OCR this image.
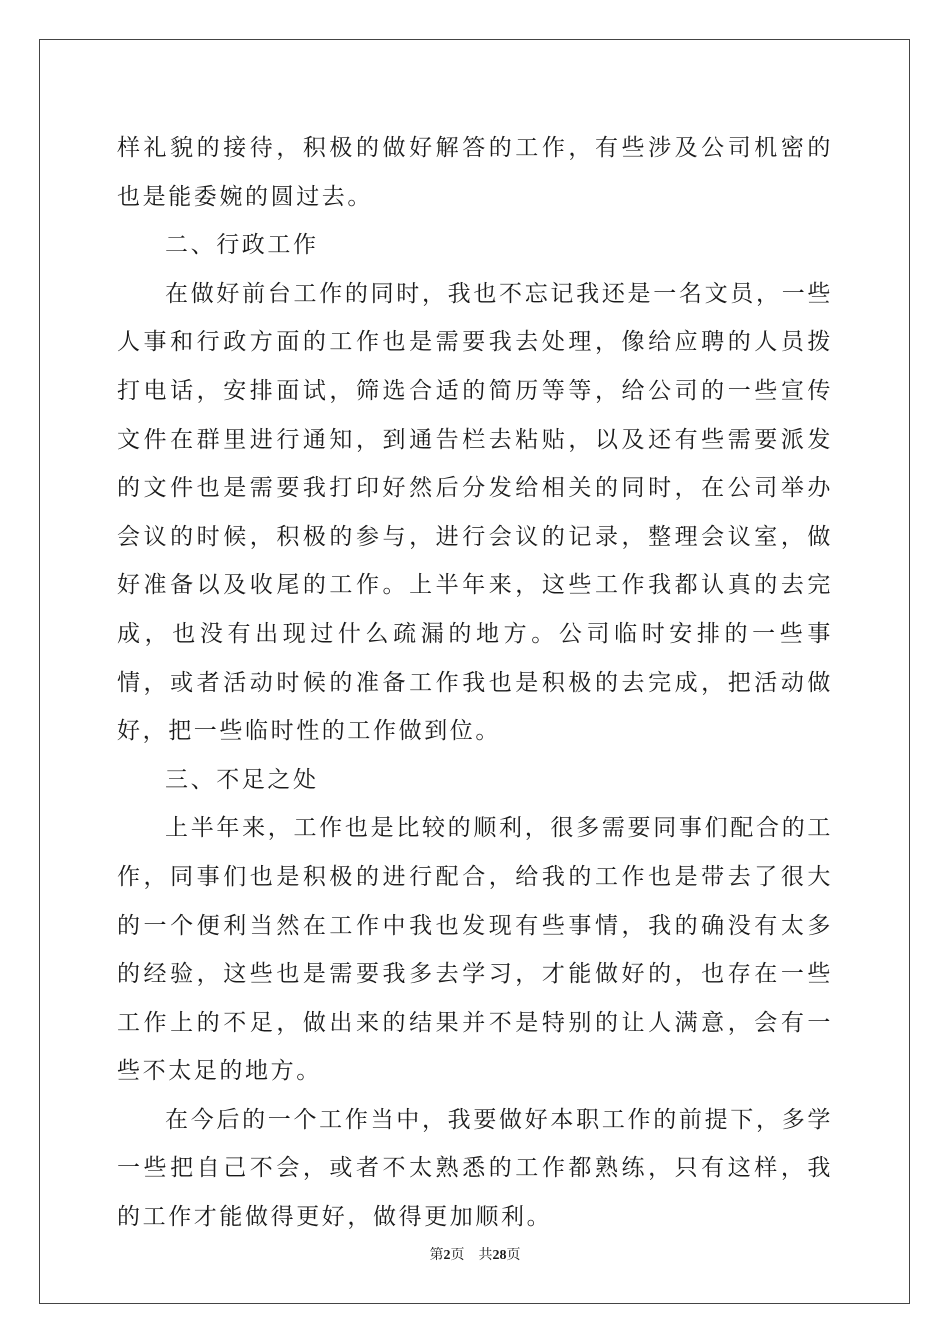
样礼貌的接待，积极的做好解答的工作，有些涉及公司机密的也是能委婉的圆过去。

二、行政工作

在做好前台工作的同时，我也不忘记我还是一名文员，一些人事和行政方面的工作也是需要我去处理，像给应聘的人员拨打电话，安排面试，筛选合适的简历等等，给公司的一些宣传文件在群里进行通知，到通告栏去粘贴，以及还有些需要派发的文件也是需要我打印好然后分发给相关的同时，在公司举办会议的时候，积极的参与，进行会议的记录，整理会议室，做好准备以及收尾的工作。上半年来，这些工作我都认真的去完成，也没有出现过什么疏漏的地方。公司临时安排的一些事情，或者活动时候的准备工作我也是积极的去完成，把活动做好，把一些临时性的工作做到位。

三、不足之处

上半年来，工作也是比较的顺利，很多需要同事们配合的工作，同事们也是积极的进行配合，给我的工作也是带去了很大的一个便利当然在工作中我也发现有些事情，我的确没有太多的经验，这些也是需要我多去学习，才能做好的，也存在一些工作上的不足，做出来的结果并不是特别的让人满意，会有一些不太足的地方。

在今后的一个工作当中，我要做好本职工作的前提下，多学一些把自己不会，或者不太熟悉的工作都熟练，只有这样，我的工作才能做得更好，做得更加顺利。

第2页 共28页
